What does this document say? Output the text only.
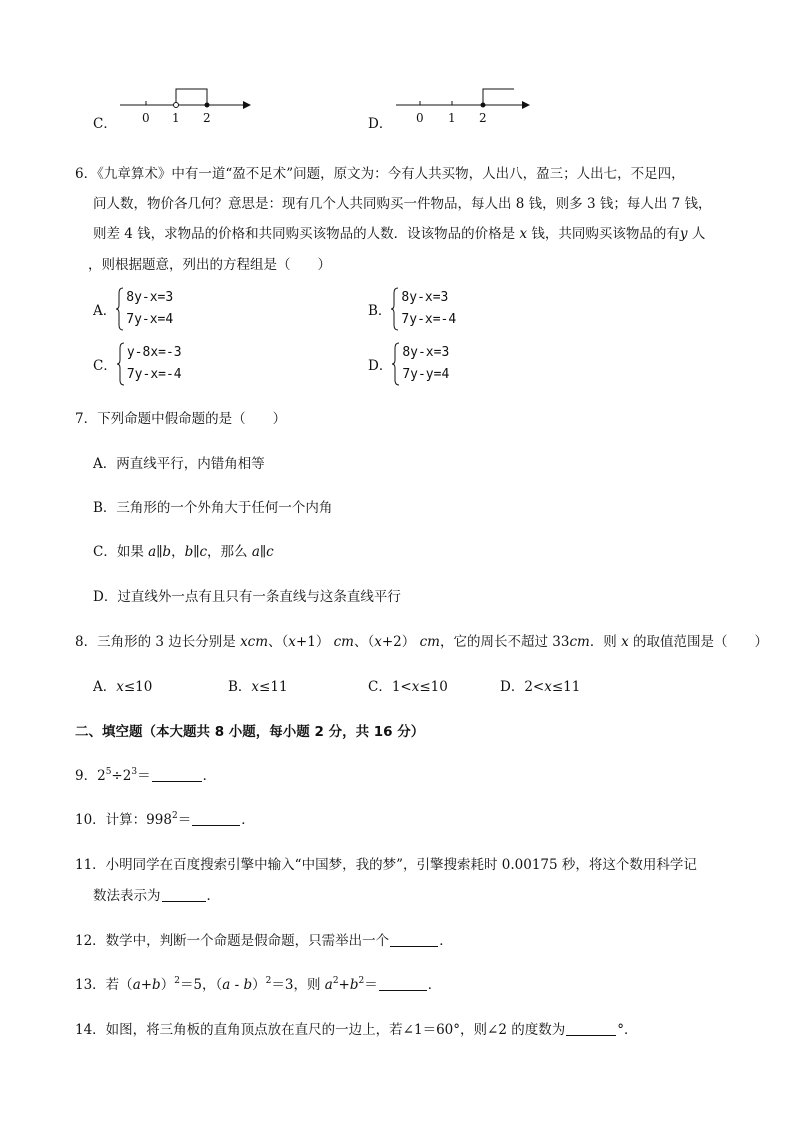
C． 0 1 2	D． 0 1 2
6．《九章算术》中有一道“盈不足术”问题，原文为：今有人共买物，人出八，盈三；人出七，不足四，
问人数，物价各几何？意思是：现有几个人共同购买一件物品，每人出 8 钱，则多 3 钱；每人出 7 钱，
则差 4 钱，求物品的价格和共同购买该物品的人数．设该物品的价格是 x 钱，共同购买该物品的有y 人
，则根据题意，列出的方程组是（　　）
A．
8y-x=3
7y-x=4
B．
8y-x=3
7y-x=-4
C．
y-8x=-3
7y-x=-4
D．
8y-x=3
7y-y=4
7．下列命题中假命题的是（　　）
A．两直线平行，内错角相等
B．三角形的一个外角大于任何一个内角
C．如果 a∥b，b∥c，那么 a∥c
D．过直线外一点有且只有一条直线与这条直线平行
8．三角形的 3 边长分别是 xcm、（x+1） cm、（x+2） cm，它的周长不超过 33cm．则 x 的取值范围是（　　）
A．x≤10	B．x≤11	C．1<x≤10	D．2<x≤11
二、填空题（本大题共 8 小题，每小题 2 分，共 16 分）
9．$2^5\div 2^3=$	．
10．计算：$998^2=$	．
11．小明同学在百度搜索引擎中输入“中国梦，我的梦”，引擎搜索耗时 0.00175 秒，将这个数用科学记
数法表示为	．
12．数学中，判断一个命题是假命题，只需举出一个	．
13．若$(a+b)^2=5$，（a - b）$^2$＝3，则 $a^2+b^2=$	．
14．如图，将三角板的直角顶点放在直尺的一边上，若∠1＝60°，则∠2 的度数为	°．
